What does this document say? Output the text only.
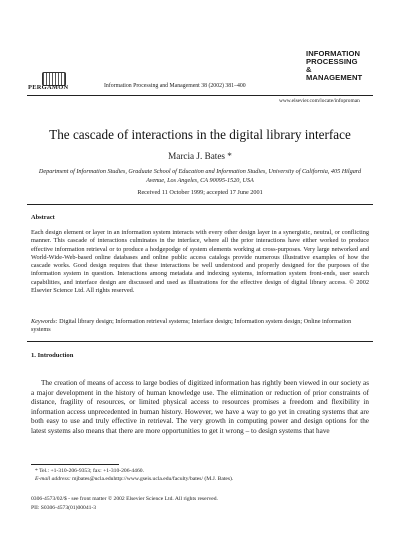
PERGAMON	Information Processing and Management 38 (2002) 381–400
INFORMATION
PROCESSING
&
MANAGEMENT
www.elsevier.com/locate/infoproman
The cascade of interactions in the digital library interface
Marcia J. Bates *
Department of Information Studies, Graduate School of Education and Information Studies, University of California, 405 Hilgard Avenue, Los Angeles, CA 90095-1520, USA
Received 11 October 1999; accepted 17 June 2001
Abstract
Each design element or layer in an information system interacts with every other design layer in a synergistic, neutral, or conflicting manner. This cascade of interactions culminates in the interface, where all the prior interactions have either worked to produce effective information retrieval or to produce a hodgepodge of system elements working at cross-purposes. Very large networked and World-Wide-Web-based online databases and online public access catalogs provide numerous illustrative examples of how the cascade works. Good design requires that these interactions be well understood and properly designed for the purposes of the information system in question. Interactions among metadata and indexing systems, information system front-ends, user search capabilities, and interface design are discussed and used as illustrations for the effective design of digital library access. © 2002 Elsevier Science Ltd. All rights reserved.
Keywords: Digital library design; Information retrieval systems; Interface design; Information system design; Online information systems
1. Introduction
The creation of means of access to large bodies of digitized information has rightly been viewed in our society as a major development in the history of human knowledge use. The elimination or reduction of prior constraints of distance, fragility of resources, or limited physical access to resources promises a freedom and flexibility in information access unprecedented in human history. However, we have a way to go yet in creating systems that are both easy to use and truly effective in retrieval. The very growth in computing power and design options for the latest systems also means that there are more opportunities to get it wrong – to design systems that have
* Tel.: +1-310-206-9353; fax: +1-310-206-4460.
E-mail address: mjbates@ucla.eduhttp://www.gseis.ucla.edu/faculty/bates/ (M.J. Bates).
0306-4573/02/$ - see front matter © 2002 Elsevier Science Ltd. All rights reserved.
PII: S0306-4573(01)00041-3
